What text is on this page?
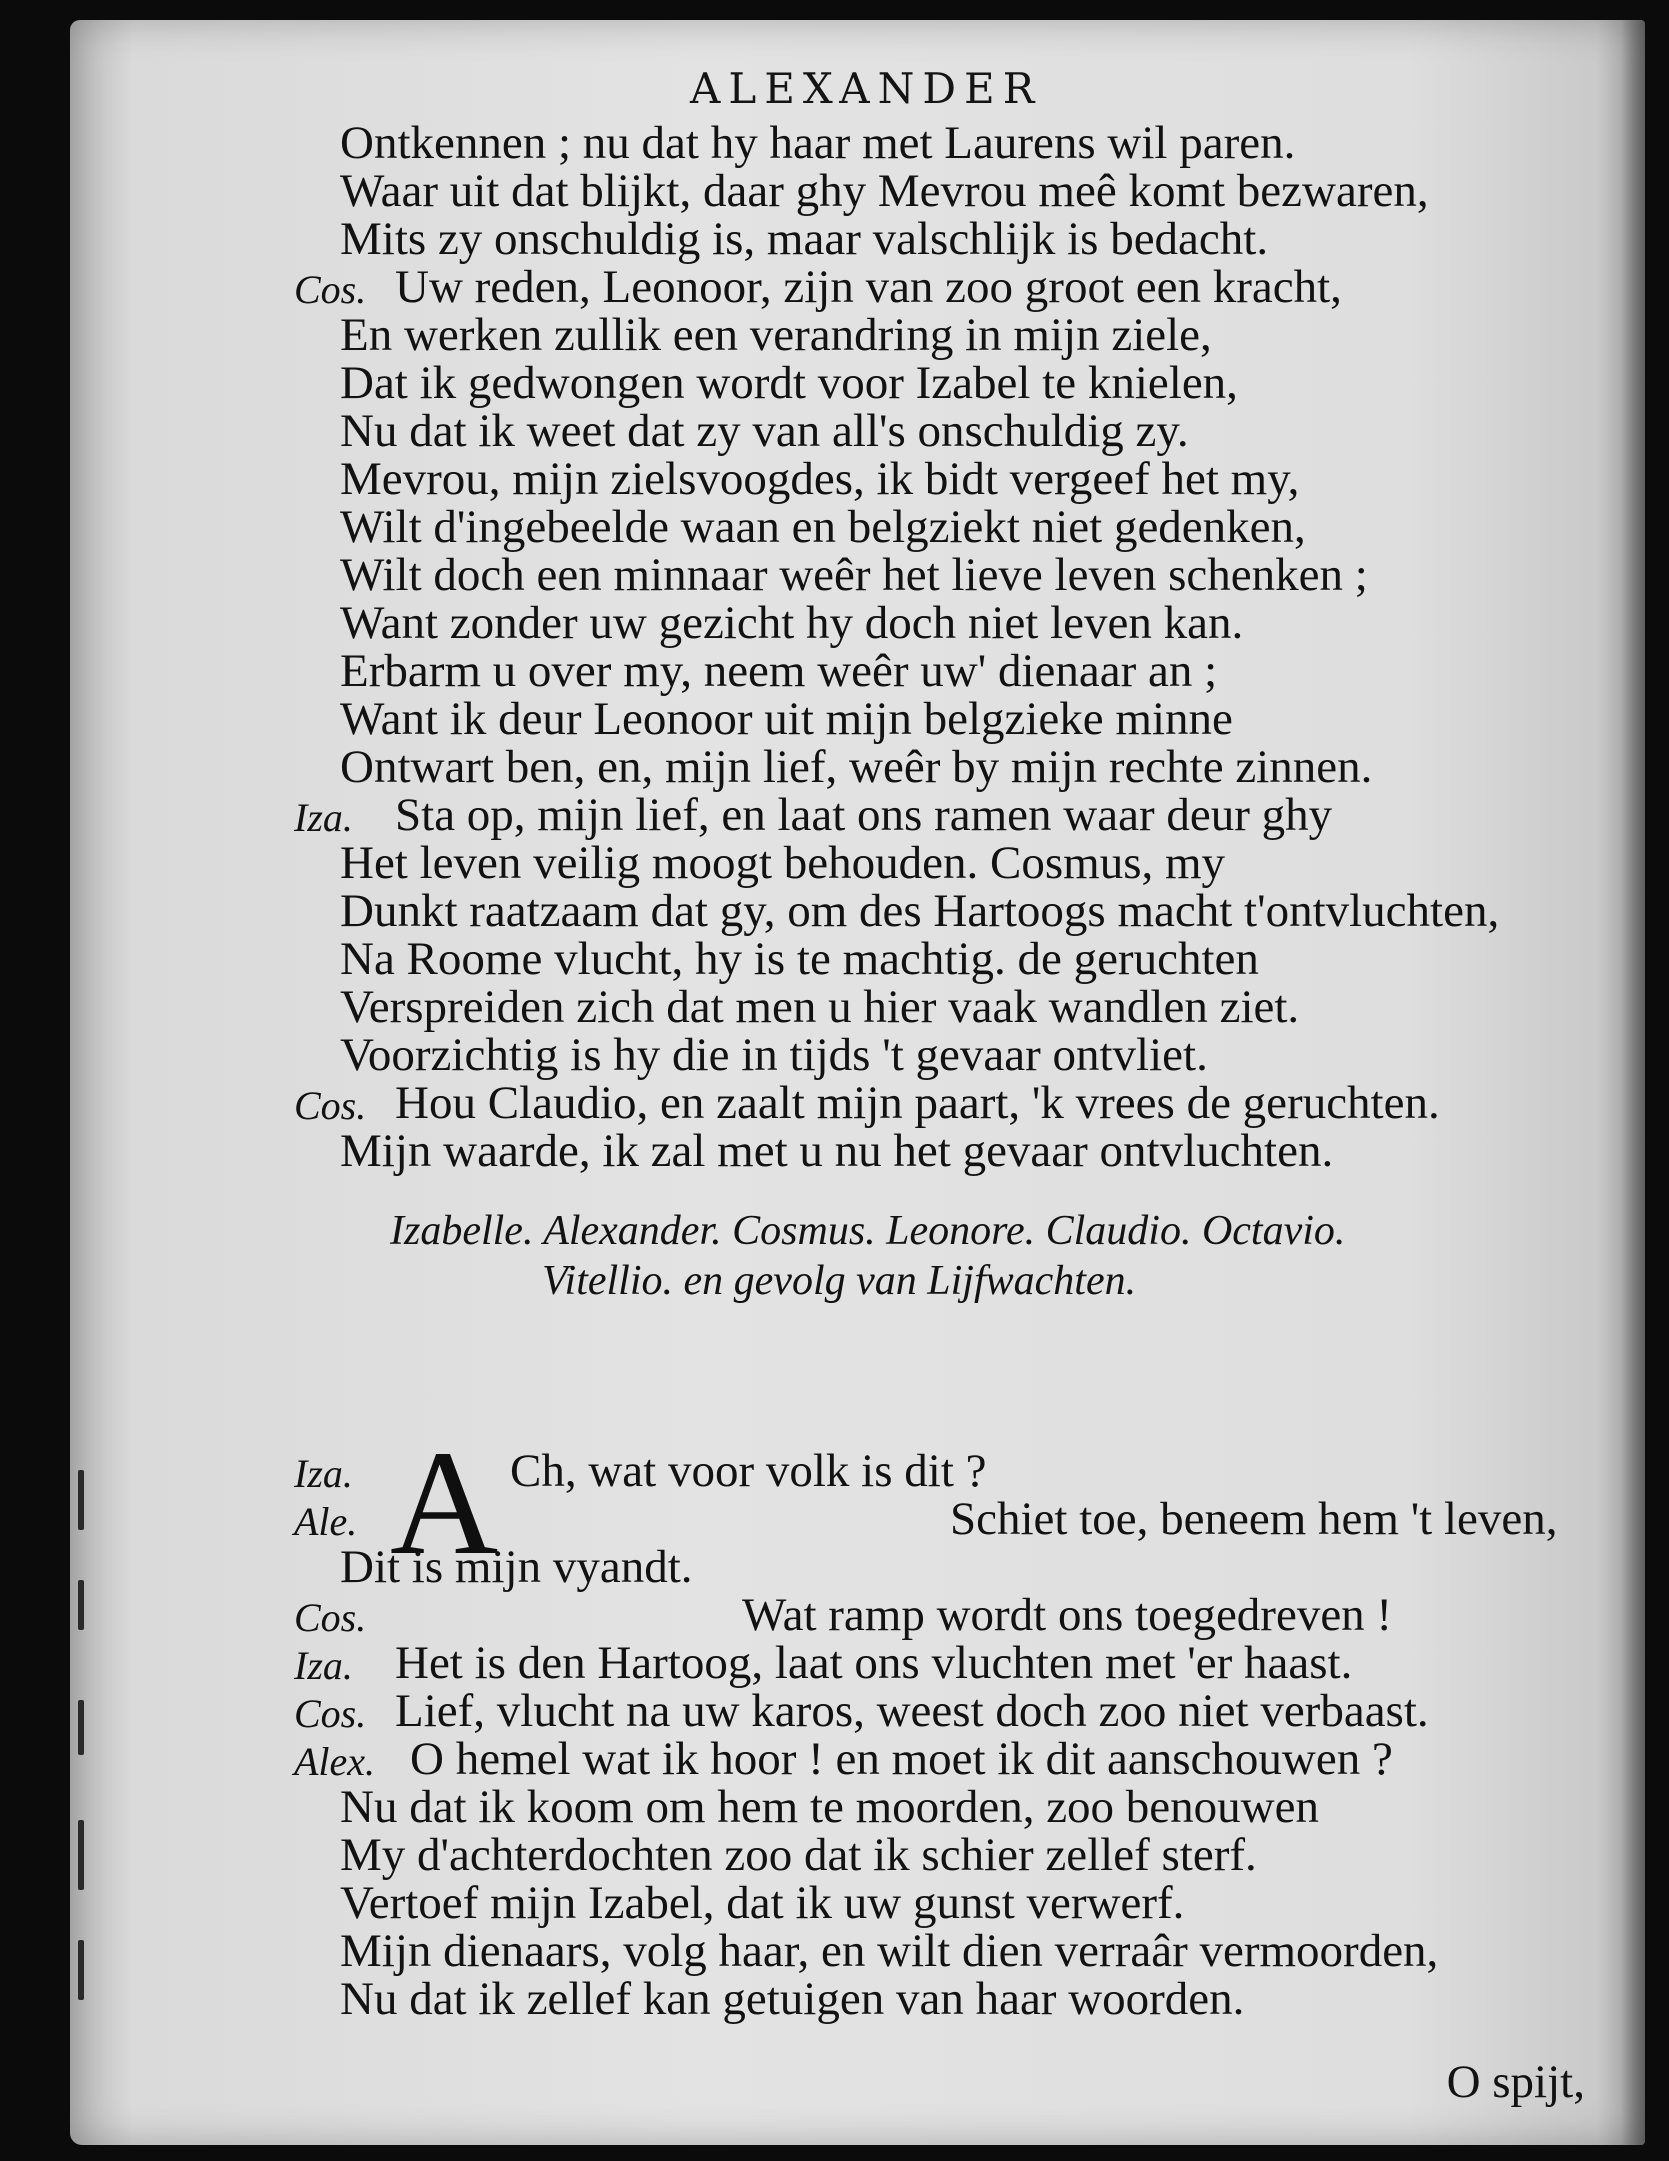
ALEXANDER
Ontkennen ; nu dat hy haar met Laurens wil paren.
Waar uit dat blijkt, daar ghy Mevrou meê komt bezwaren,
Mits zy onschuldig is, maar valschlijk is bedacht.
Cos. Uw reden, Leonoor, zijn van zoo groot een kracht,
En werken zullik een verandring in mijn ziele,
Dat ik gedwongen wordt voor Izabel te knielen,
Nu dat ik weet dat zy van all's onschuldig zy.
Mevrou, mijn zielsvoogdes, ik bidt vergeef het my,
Wilt d'ingebeelde waan en belgziekt niet gedenken,
Wilt doch een minnaar weêr het lieve leven schenken ;
Want zonder uw gezicht hy doch niet leven kan.
Erbarm u over my, neem weêr uw' dienaar an ;
Want ik deur Leonoor uit mijn belgzieke minne
Ontwart ben, en, mijn lief, weêr by mijn rechte zinnen.
Iza. Sta op, mijn lief, en laat ons ramen waar deur ghy
Het leven veilig moogt behouden. Cosmus, my
Dunkt raatzaam dat gy, om des Hartoogs macht t'ontvluchten,
Na Roome vlucht, hy is te machtig. de geruchten
Verspreiden zich dat men u hier vaak wandlen ziet.
Voorzichtig is hy die in tijds 't gevaar ontvliet.
Cos. Hou Claudio, en zaalt mijn paart, 'k vrees de geruchten.
Mijn waarde, ik zal met u nu het gevaar ontvluchten.
Izabelle. Alexander. Cosmus. Leonore. Claudio. Octavio.
Vitellio. en gevolg van Lijfwachten.
A
Iza.	Ch, wat voor volk is dit ?
Ale.	Schiet toe, beneem hem 't leven,
Dit is mijn vyandt.
Cos.	Wat ramp wordt ons toegedreven !
Iza. Het is den Hartoog, laat ons vluchten met 'er haast.
Cos. Lief, vlucht na uw karos, weest doch zoo niet verbaast.
Alex. O hemel wat ik hoor ! en moet ik dit aanschouwen ?
Nu dat ik koom om hem te moorden, zoo benouwen
My d'achterdochten zoo dat ik schier zellef sterf.
Vertoef mijn Izabel, dat ik uw gunst verwerf.
Mijn dienaars, volg haar, en wilt dien verraâr vermoorden,
Nu dat ik zellef kan getuigen van haar woorden.
O spijt,
